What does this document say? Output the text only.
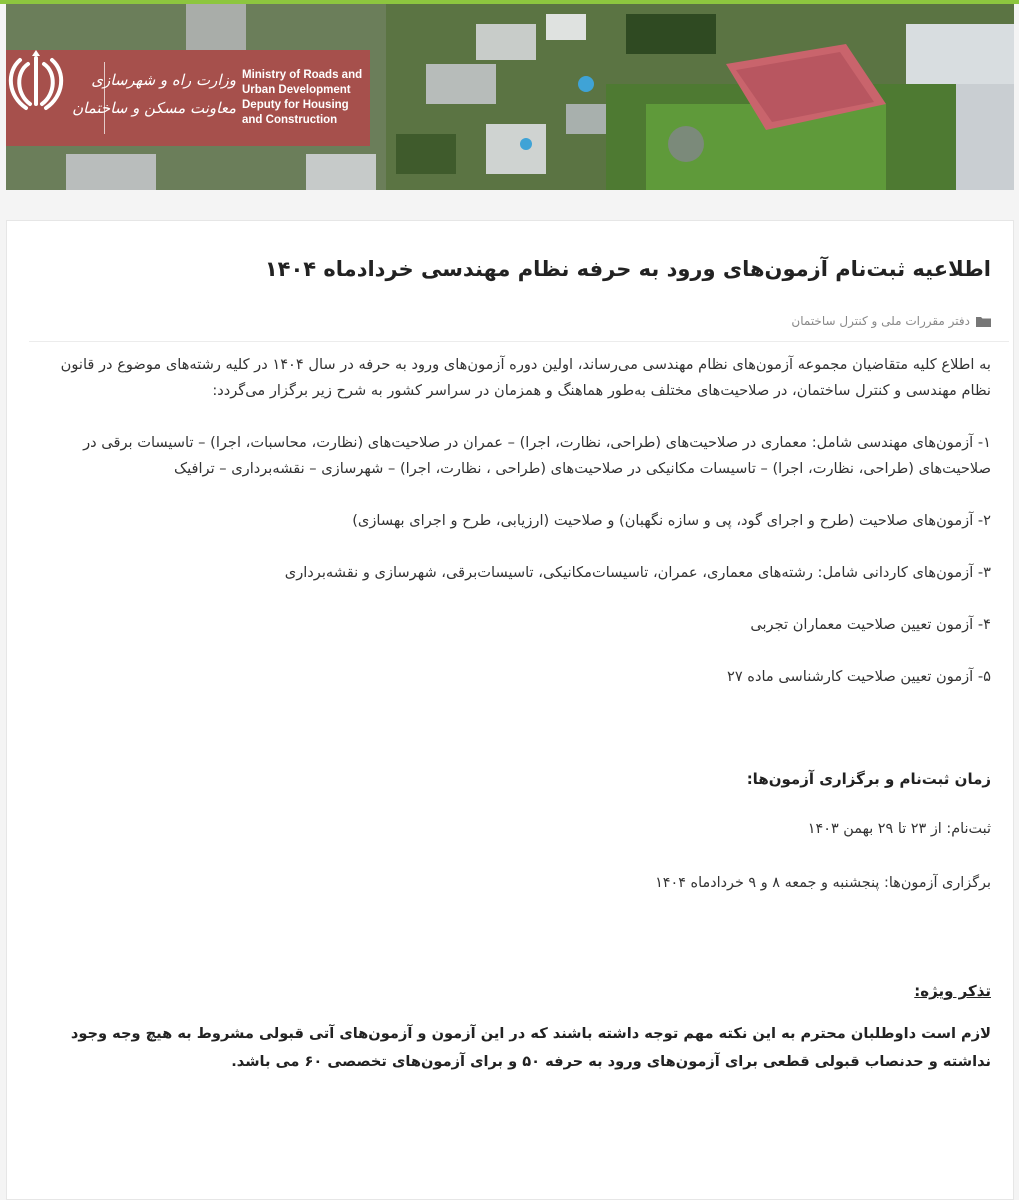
وزارت راه و شهرسازی
معاونت مسکن و ساختمان
Ministry of Roads and
Urban Development
Deputy for Housing
and Construction
اطلاعیه ثبت‌نام آزمون‌های ورود به حرفه نظام مهندسی خردادماه ۱۴۰۴
دفتر مقررات ملی و کنترل ساختمان
به اطلاع کلیه متقاضیان مجموعه آزمون‌های نظام مهندسی می‌رساند، اولین دوره آزمون‌های ورود به حرفه در سال ۱۴۰۴ در کلیه رشته‌های موضوع در قانون نظام مهندسی و کنترل ساختمان، در صلاحیت‌های مختلف به‌طور هماهنگ و همزمان در سراسر کشور به شرح زیر برگزار می‌گردد:
۱- آزمون‌های مهندسی شامل: معماری در صلاحیت‌های (طراحی، نظارت، اجرا) – عمران در صلاحیت‌های (نظارت، محاسبات، اجرا) – تاسیسات برقی در صلاحیت‌های (طراحی، نظارت، اجرا) – تاسیسات مکانیکی در صلاحیت‌های (طراحی ، نظارت، اجرا) – شهرسازی – نقشه‌برداری – ترافیک
۲- آزمون‌های صلاحیت (طرح و اجرای گود، پی و سازه نگهبان) و صلاحیت (ارزیابی، طرح و اجرای بهسازی)
۳- آزمون‌های کاردانی شامل: رشته‌های معماری، عمران، تاسیسات‌مکانیکی، تاسیسات‌برقی، شهرسازی و نقشه‌برداری
۴- آزمون تعیین صلاحیت معماران تجربی
۵- آزمون تعیین صلاحیت کارشناسی ماده ۲۷
زمان ثبت‌نام و برگزاری آزمون‌ها:
ثبت‌نام: از ۲۳ تا ۲۹ بهمن ۱۴۰۳
برگزاری آزمون‌ها: پنجشنبه و جمعه ۸ و ۹ خردادماه ۱۴۰۴
تذکر ویژه:
لازم است داوطلبان محترم به این نکته مهم توجه داشته باشند که در این آزمون و آزمون‌های آتی قبولی مشروط به هیچ وجه وجود نداشته و حدنصاب قبولی قطعی برای آزمون‌های ورود به حرفه ۵۰ و برای آزمون‌های تخصصی ۶۰ می باشد.
